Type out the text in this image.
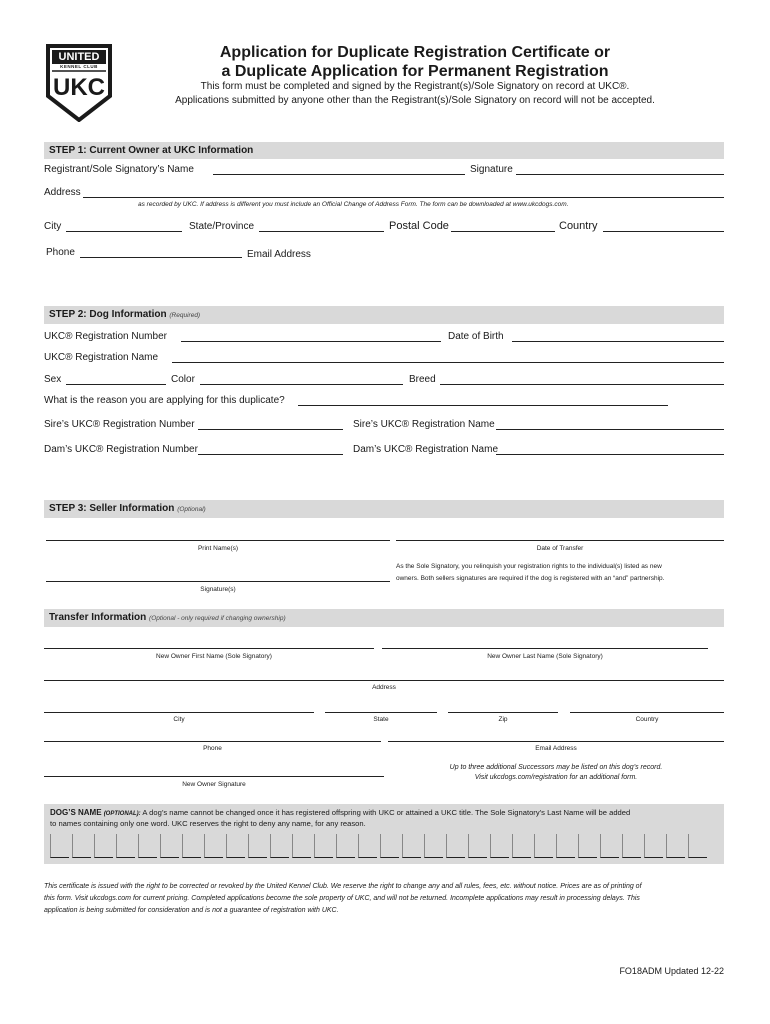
UNITED
KENNEL CLUB
UKC
Application for Duplicate Registration Certificate or
a Duplicate Application for Permanent Registration
This form must be completed and signed by the Registrant(s)/Sole Signatory on record at UKC®.
Applications submitted by anyone other than the Registrant(s)/Sole Signatory on record will not be accepted.
STEP 1: Current Owner at UKC Information
Registrant/Sole Signatory’s Name	Signature
Address
as recorded by UKC. If address is different you must include an Official Change of Address Form. The form can be downloaded at www.ukcdogs.com.
City	State/Province	Postal Code	Country
Phone	Email Address
STEP 2: Dog Information (Required)
UKC® Registration Number	Date of Birth
UKC® Registration Name
Sex	Color	Breed
What is the reason you are applying for this duplicate?
Sire’s UKC® Registration Number	Sire’s UKC® Registration Name
Dam’s UKC® Registration Number	Dam’s UKC® Registration Name
STEP 3: Seller Information (Optional)
Print Name(s)	Date of Transfer
Signature(s)
As the Sole Signatory, you relinquish your registration rights to the individual(s) listed as new
owners. Both sellers signatures are required if the dog is registered with an “and” partnership.
Transfer Information (Optional - only required if changing ownership)
New Owner First Name (Sole Signatory)	New Owner Last Name (Sole Signatory)
Address
City	State	Zip	Country
Phone	Email Address
New Owner Signature
Up to three additional Successors may be listed on this dog’s record.
Visit ukcdogs.com/registration for an additional form.
DOG’S NAME (OPTIONAL): A dog’s name cannot be changed once it has registered offspring with UKC or attained a UKC title. The Sole Signatory’s Last Name will be added
to names containing only one word. UKC reserves the right to deny any name, for any reason.
This certificate is issued with the right to be corrected or revoked by the United Kennel Club. We reserve the right to change any and all rules, fees, etc. without notice. Prices are as of printing of
this form. Visit ukcdogs.com for current pricing. Completed applications become the sole property of UKC, and will not be returned. Incomplete applications may result in processing delays. This
application is being submitted for consideration and is not a guarantee of registration with UKC.
FO18ADM Updated 12-22
